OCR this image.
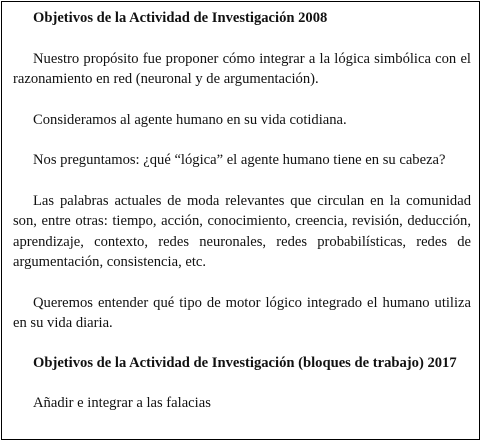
Objetivos de la Actividad de Investigación 2008

Nuestro propósito fue proponer cómo integrar a la lógica simbólica con el razonamiento en red (neuronal y de argumentación).

Consideramos al agente humano en su vida cotidiana.

Nos preguntamos: ¿qué “lógica” el agente humano tiene en su cabeza?

Las palabras actuales de moda relevantes que circulan en la comunidad son, entre otras: tiempo, acción, conocimiento, creencia, revisión, deducción, aprendizaje, contexto, redes neuronales, redes probabilísticas, redes de argumentación, consistencia, etc.

Queremos entender qué tipo de motor lógico integrado el humano utiliza en su vida diaria.

Objetivos de la Actividad de Investigación (bloques de trabajo) 2017

Añadir e integrar a las falacias
